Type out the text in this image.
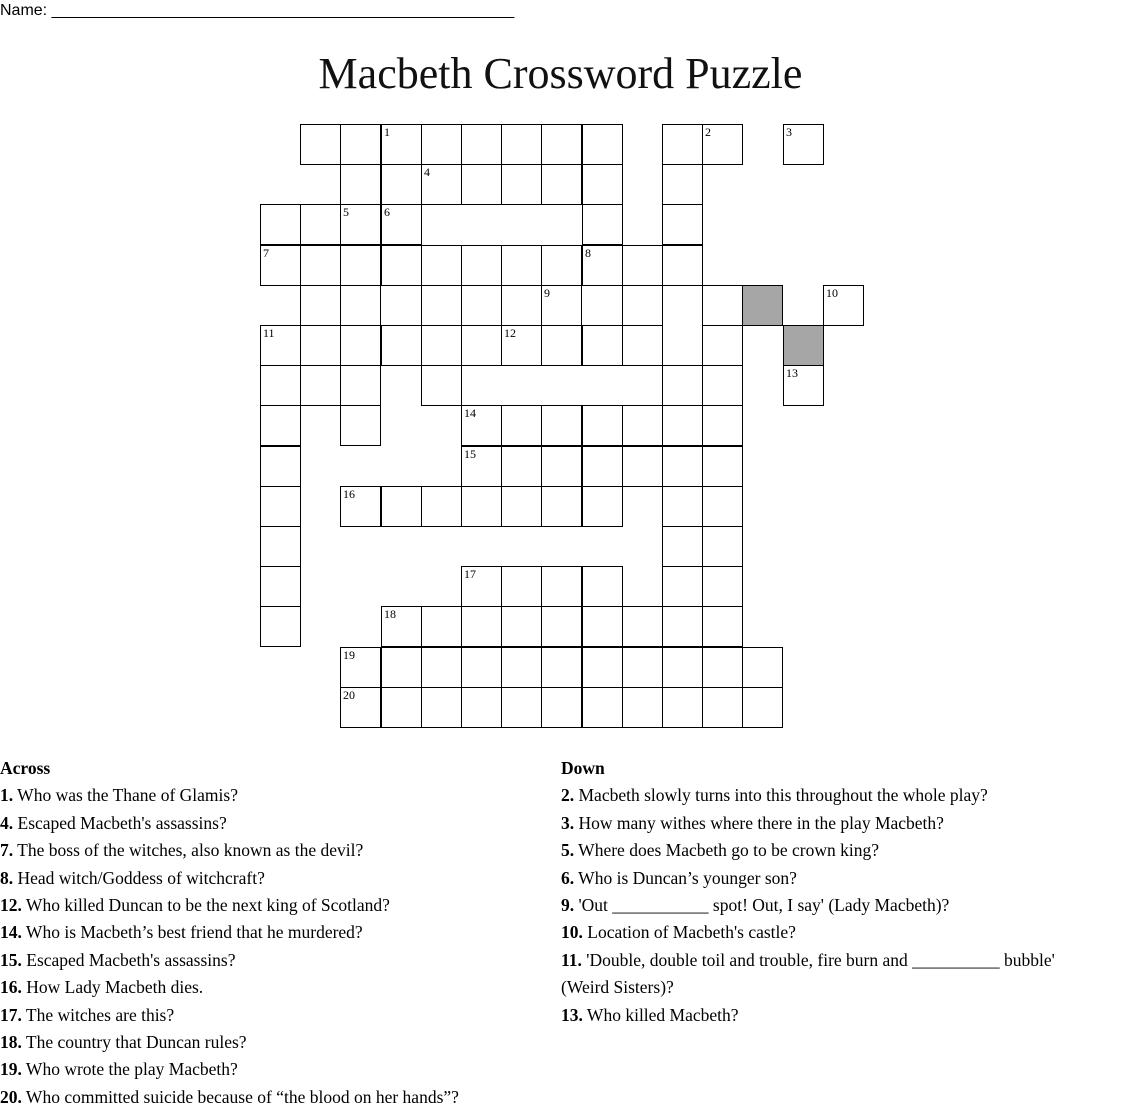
Name: ____________________________________________________
Macbeth Crossword Puzzle
1
4
8
7
5
9
12
11
14
15
16
17
18
19
20
2	3
6
10
13
Across
1. Who was the Thane of Glamis?
4. Escaped Macbeth's assassins?
7. The boss of the witches, also known as the devil?
8. Head witch/Goddess of witchcraft?
12. Who killed Duncan to be the next king of Scotland?
14. Who is Macbeth’s best friend that he murdered?
15. Escaped Macbeth's assassins?
16. How Lady Macbeth dies.
17. The witches are this?
18. The country that Duncan rules?
19. Who wrote the play Macbeth?
20. Who committed suicide because of “the blood on her hands”?
Down
2. Macbeth slowly turns into this throughout the whole play?
3. How many withes where there in the play Macbeth?
5. Where does Macbeth go to be crown king?
6. Who is Duncan’s younger son?
9. 'Out ___________ spot! Out, I say' (Lady Macbeth)?
10. Location of Macbeth's castle?
11. 'Double, double toil and trouble, fire burn and __________ bubble' (Weird Sisters)?
13. Who killed Macbeth?
